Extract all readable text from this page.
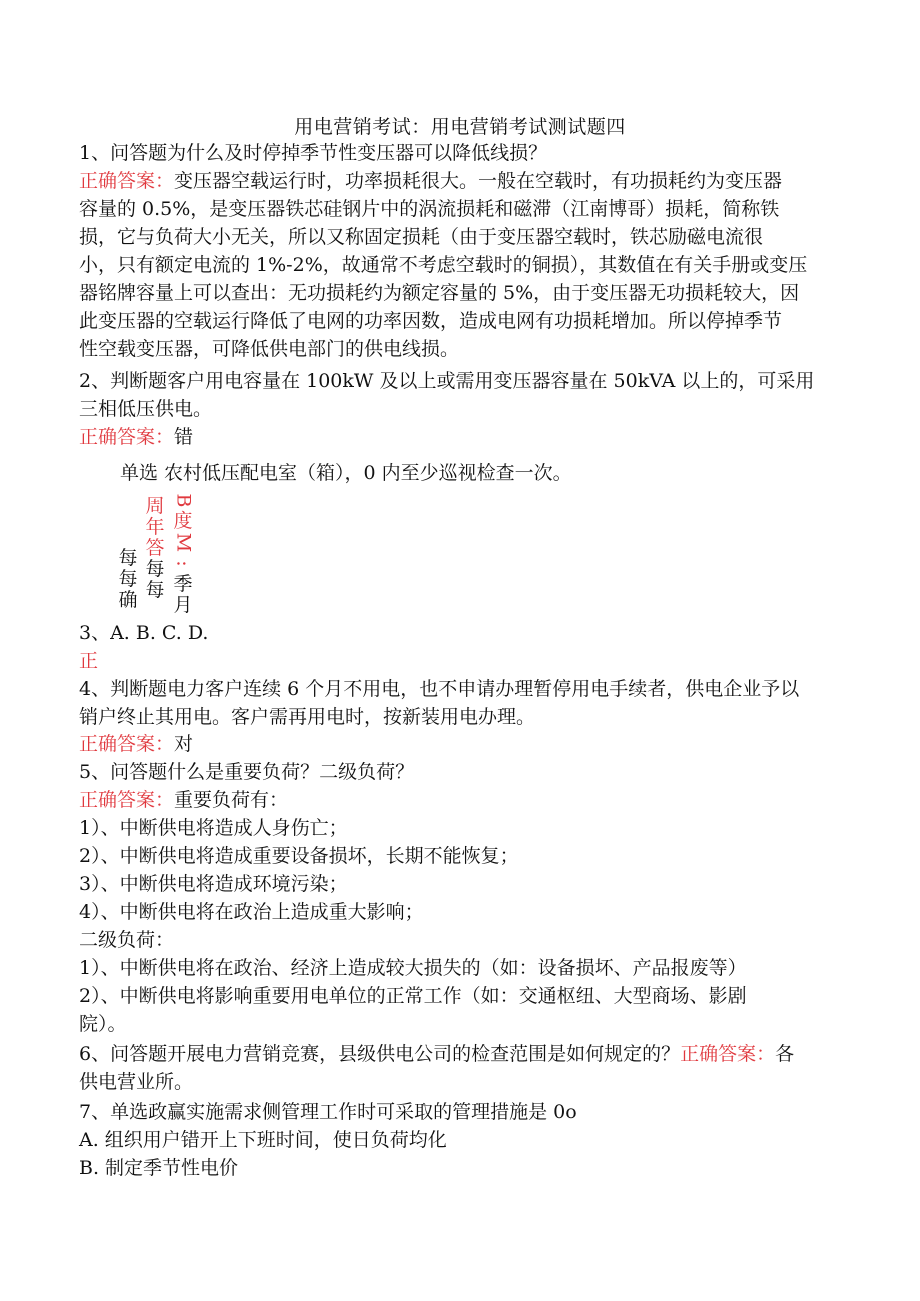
用电营销考试：用电营销考试测试题四
1、问答题为什么及时停掉季节性变压器可以降低线损？
正确答案：变压器空载运行时，功率损耗很大。一般在空载时，有功损耗约为变压器
容量的 0.5%，是变压器铁芯硅钢片中的涡流损耗和磁滞（江南博哥）损耗，简称铁
损，它与负荷大小无关，所以又称固定损耗（由于变压器空载时，铁芯励磁电流很
小，只有额定电流的 1%-2%，故通常不考虑空载时的铜损），其数值在有关手册或变压
器铭牌容量上可以查出：无功损耗约为额定容量的 5%，由于变压器无功损耗较大，因
此变压器的空载运行降低了电网的功率因数，造成电网有功损耗增加。所以停掉季节
性空载变压器，可降低供电部门的供电线损。
2、判断题客户用电容量在 100kW 及以上或需用变压器容量在 50kVA 以上的，可采用
三相低压供电。
正确答案：错
单选 农村低压配电室（箱），0 内至少巡视检查一次。
每
每
确
周
年
答
每
每
B
度
M
:
季
月
3、A. B. C. D.
正
4、判断题电力客户连续 6 个月不用电，也不申请办理暂停用电手续者，供电企业予以
销户终止其用电。客户需再用电时，按新装用电办理。
正确答案：对
5、问答题什么是重要负荷？二级负荷？
正确答案：重要负荷有：
1）、中断供电将造成人身伤亡；
2）、中断供电将造成重要设备损坏，长期不能恢复；
3）、中断供电将造成环境污染；
4）、中断供电将在政治上造成重大影响；
二级负荷：
1）、中断供电将在政治、经济上造成较大损失的（如：设备损坏、产品报废等）
2）、中断供电将影响重要用电单位的正常工作（如：交通枢纽、大型商场、影剧
院）。
6、问答题开展电力营销竞赛，县级供电公司的检查范围是如何规定的？正确答案：各
供电营业所。
7、单选政赢实施需求侧管理工作时可采取的管理措施是 0o
A. 组织用户错开上下班时间，使日负荷均化
B. 制定季节性电价
